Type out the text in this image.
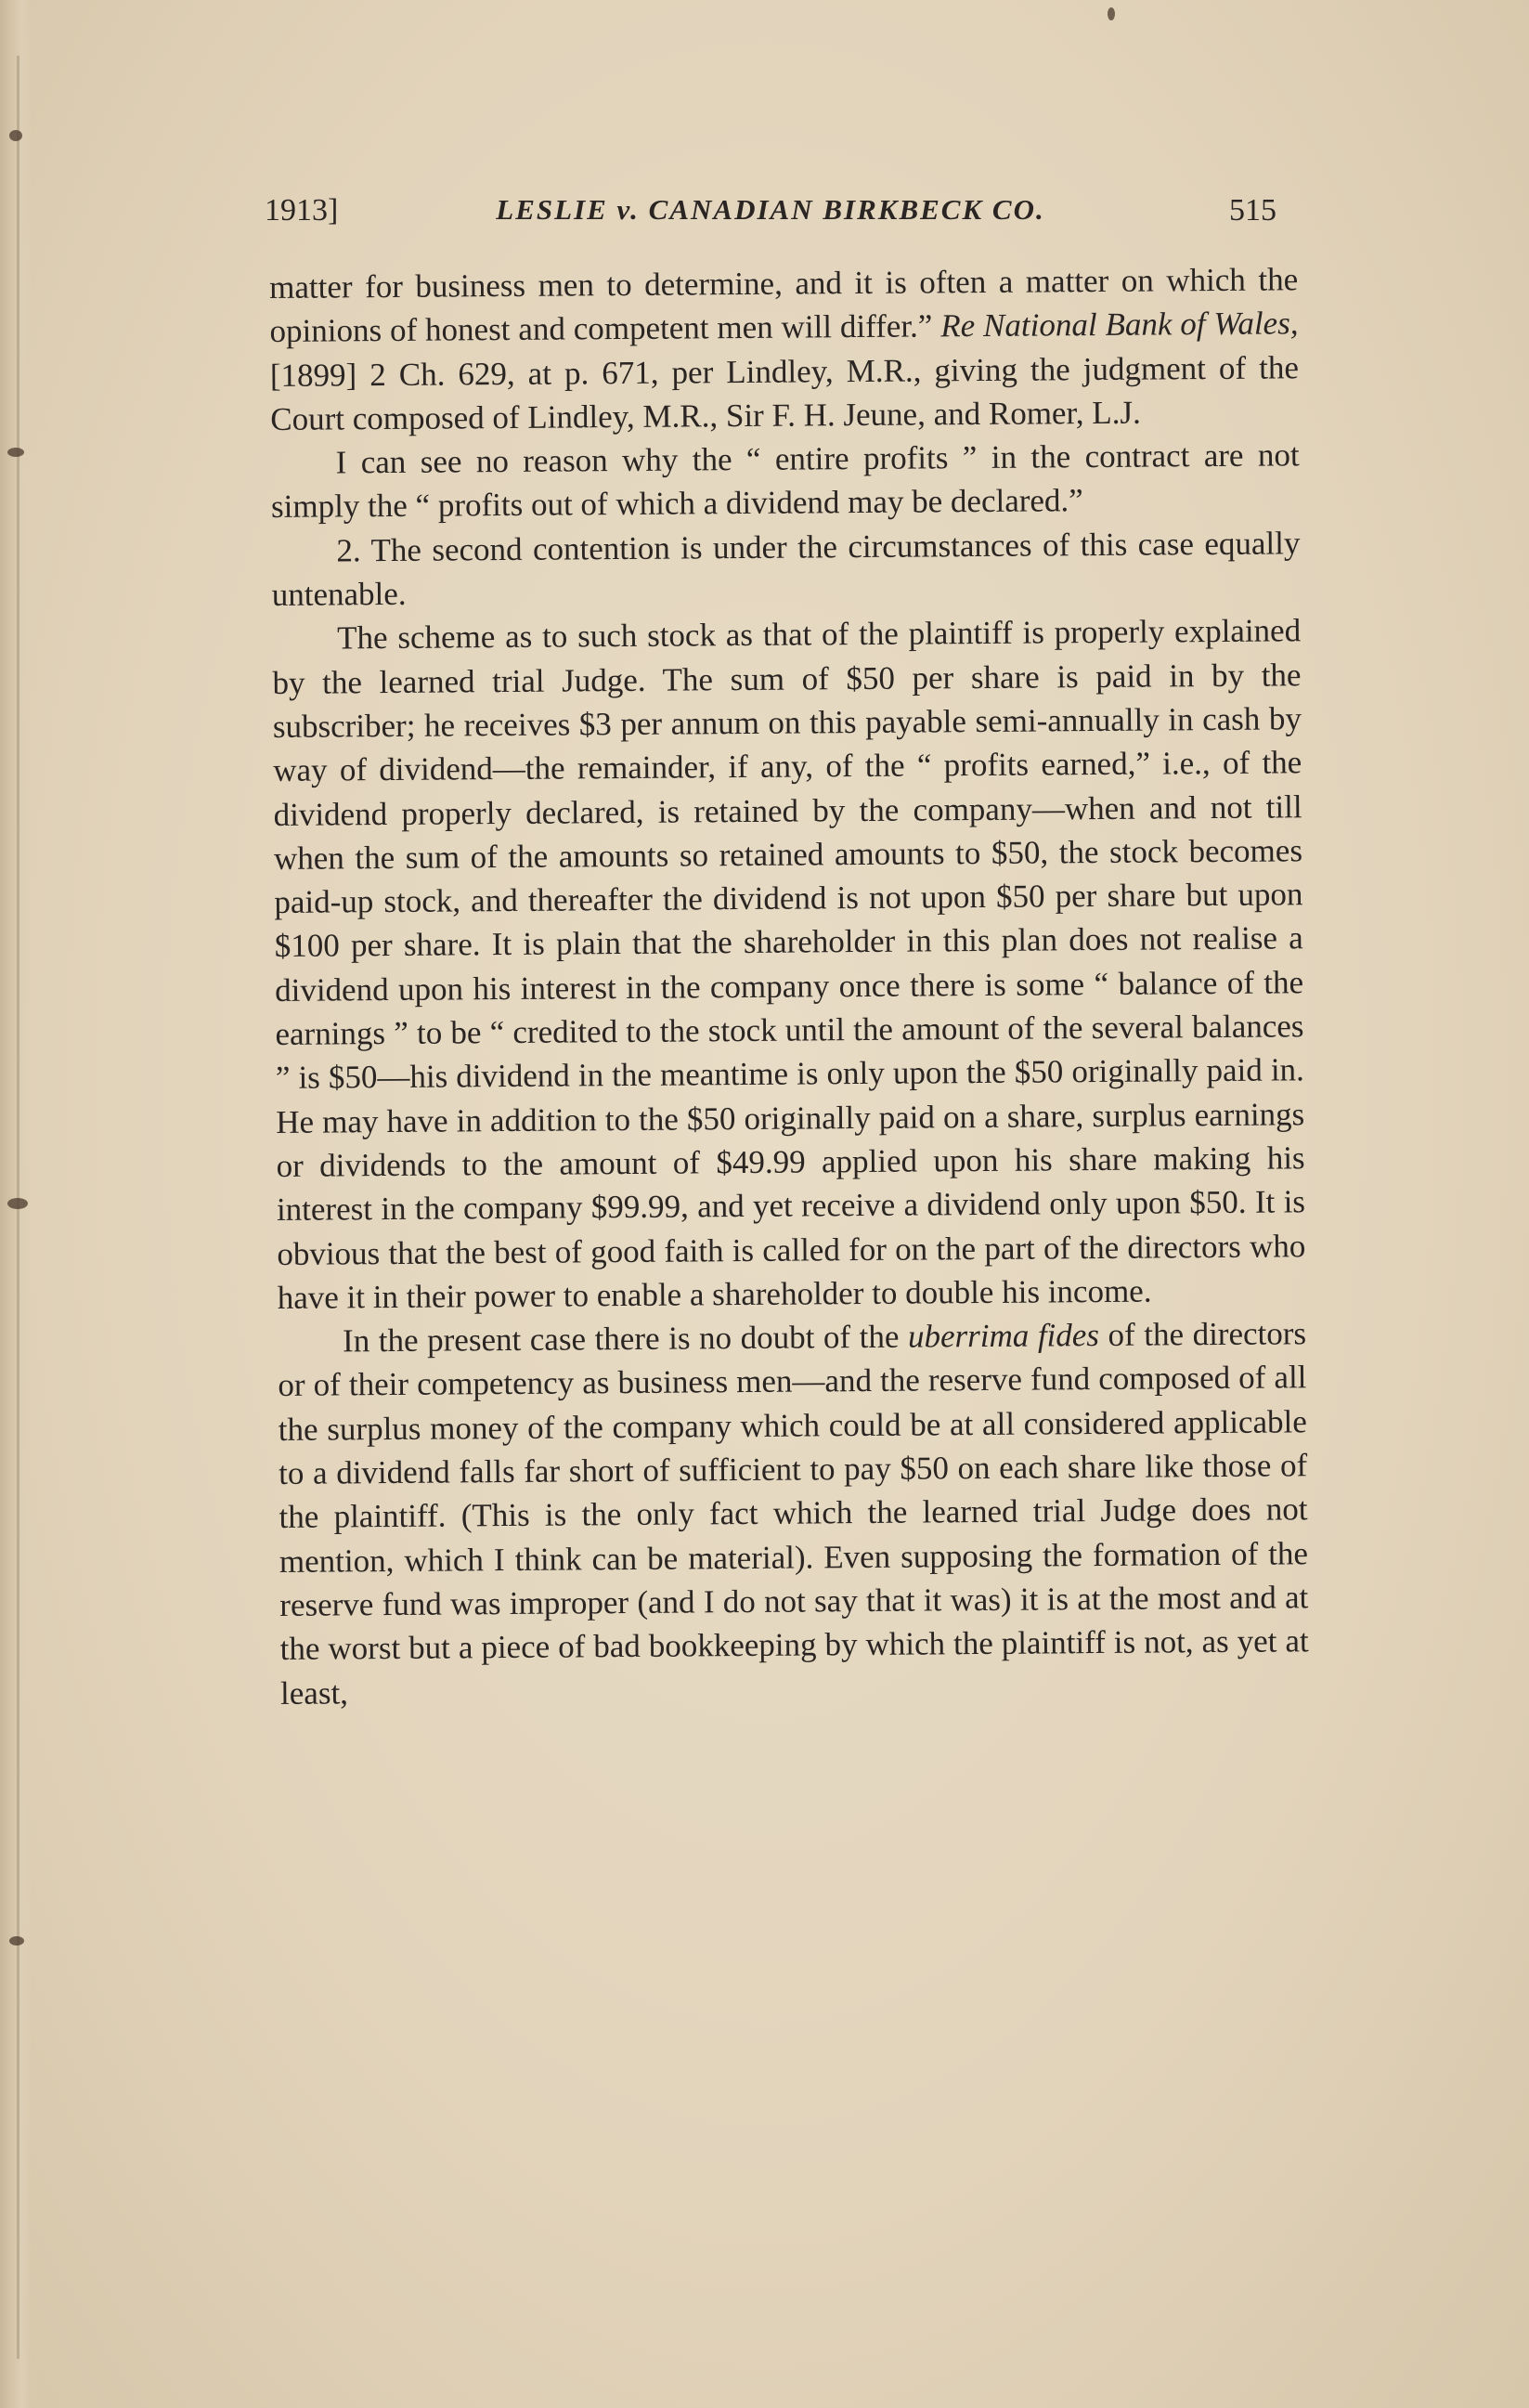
1913]	LESLIE v. CANADIAN BIRKBECK CO.	515

matter for business men to determine, and it is often a matter on which the opinions of honest and competent men will differ.” Re National Bank of Wales, [1899] 2 Ch. 629, at p. 671, per Lindley, M.R., giving the judgment of the Court composed of Lindley, M.R., Sir F. H. Jeune, and Romer, L.J.

I can see no reason why the “ entire profits ” in the contract are not simply the “ profits out of which a dividend may be declared.”

2. The second contention is under the circumstances of this case equally untenable.

The scheme as to such stock as that of the plaintiff is properly explained by the learned trial Judge. The sum of $50 per share is paid in by the subscriber; he receives $3 per annum on this payable semi-annually in cash by way of dividend—the remainder, if any, of the “ profits earned,” i.e., of the dividend properly declared, is retained by the company—when and not till when the sum of the amounts so retained amounts to $50, the stock becomes paid-up stock, and thereafter the dividend is not upon $50 per share but upon $100 per share. It is plain that the shareholder in this plan does not realise a dividend upon his interest in the company once there is some “ balance of the earnings ” to be “ credited to the stock until the amount of the several balances ” is $50—his dividend in the meantime is only upon the $50 originally paid in. He may have in addition to the $50 originally paid on a share, surplus earnings or dividends to the amount of $49.99 applied upon his share making his interest in the company $99.99, and yet receive a dividend only upon $50. It is obvious that the best of good faith is called for on the part of the directors who have it in their power to enable a shareholder to double his income.

In the present case there is no doubt of the uberrima fides of the directors or of their competency as business men—and the reserve fund composed of all the surplus money of the company which could be at all considered applicable to a dividend falls far short of sufficient to pay $50 on each share like those of the plaintiff. (This is the only fact which the learned trial Judge does not mention, which I think can be material). Even supposing the formation of the reserve fund was improper (and I do not say that it was) it is at the most and at the worst but a piece of bad bookkeeping by which the plaintiff is not, as yet at least,
